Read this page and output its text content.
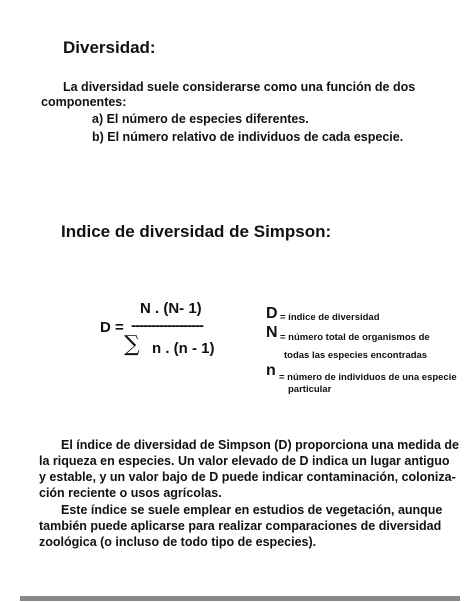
Diversidad:
La diversidad suele considerarse como una función de dos
componentes:
a) El número de especies diferentes.
b) El número relativo de individuos de cada especie.
Indice de diversidad de Simpson:
N . (N- 1)
D = ------------------
∑ n . (n - 1)
D = índice de diversidad
N = número total de organismos de
todas las especies encontradas
n = número de individuos de una especie
particular
El índice de diversidad de Simpson (D) proporciona una medida de
la riqueza en especies. Un valor elevado de D indica un lugar antiguo
y estable, y un valor bajo de D puede indicar contaminación, coloniza-
ción reciente o usos agrícolas.
Este índice se suele emplear en estudios de vegetación, aunque
también puede aplicarse para realizar comparaciones de diversidad
zoológica (o incluso de todo tipo de especies).
